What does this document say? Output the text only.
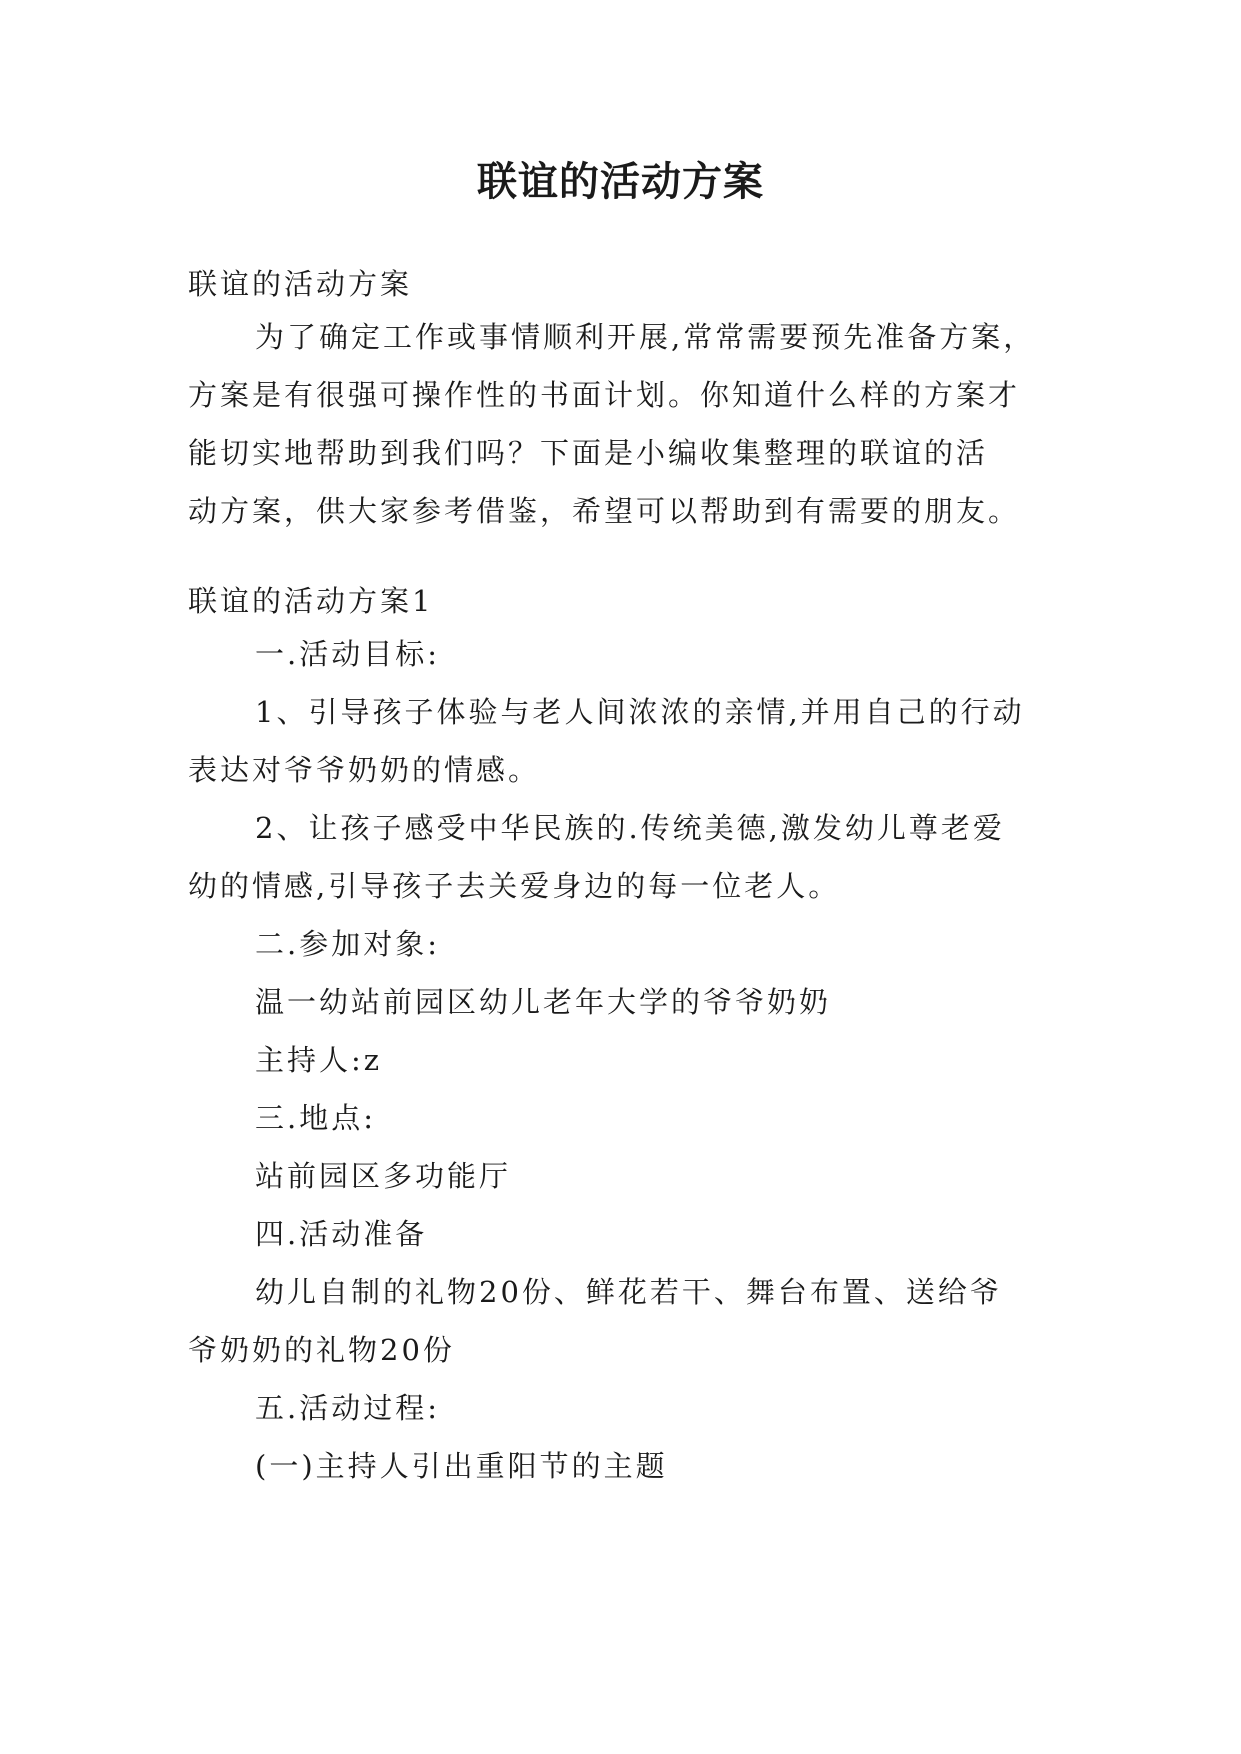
联谊的活动方案
联谊的活动方案
为了确定工作或事情顺利开展,常常需要预先准备方案，
方案是有很强可操作性的书面计划。你知道什么样的方案才
能切实地帮助到我们吗？下面是小编收集整理的联谊的活
动方案，供大家参考借鉴，希望可以帮助到有需要的朋友。
联谊的活动方案1
一.活动目标:
1、引导孩子体验与老人间浓浓的亲情,并用自己的行动
表达对爷爷奶奶的情感。
2、让孩子感受中华民族的.传统美德,激发幼儿尊老爱
幼的情感,引导孩子去关爱身边的每一位老人。
二.参加对象:
温一幼站前园区幼儿老年大学的爷爷奶奶
主持人:z
三.地点:
站前园区多功能厅
四.活动准备
幼儿自制的礼物20份、鲜花若干、舞台布置、送给爷
爷奶奶的礼物20份
五.活动过程:
(一)主持人引出重阳节的主题
